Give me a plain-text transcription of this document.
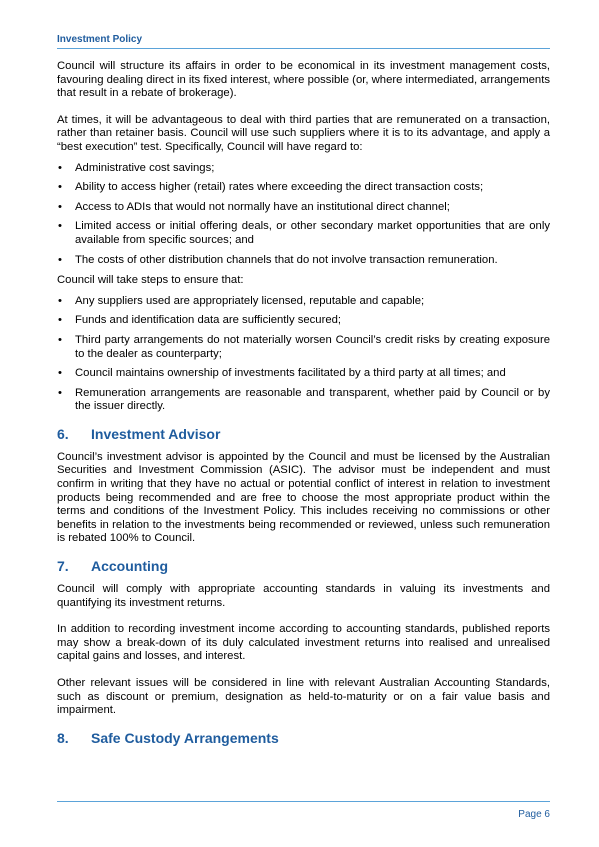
Investment Policy

Council will structure its affairs in order to be economical in its investment management costs, favouring dealing direct in its fixed interest, where possible (or, where intermediated, arrangements that result in a rebate of brokerage).

At times, it will be advantageous to deal with third parties that are remunerated on a transaction, rather than retainer basis. Council will use such suppliers where it is to its advantage, and apply a “best execution” test. Specifically, Council will have regard to:

• Administrative cost savings;
• Ability to access higher (retail) rates where exceeding the direct transaction costs;
• Access to ADIs that would not normally have an institutional direct channel;
• Limited access or initial offering deals, or other secondary market opportunities that are only available from specific sources; and
• The costs of other distribution channels that do not involve transaction remuneration.

Council will take steps to ensure that:

• Any suppliers used are appropriately licensed, reputable and capable;
• Funds and identification data are sufficiently secured;
• Third party arrangements do not materially worsen Council’s credit risks by creating exposure to the dealer as counterparty;
• Council maintains ownership of investments facilitated by a third party at all times; and
• Remuneration arrangements are reasonable and transparent, whether paid by Council or by the issuer directly.
6. Investment Advisor

Council’s investment advisor is appointed by the Council and must be licensed by the Australian Securities and Investment Commission (ASIC). The advisor must be independent and must confirm in writing that they have no actual or potential conflict of interest in relation to investment products being recommended and are free to choose the most appropriate product within the terms and conditions of the Investment Policy. This includes receiving no commissions or other benefits in relation to the investments being recommended or reviewed, unless such remuneration is rebated 100% to Council.

7. Accounting

Council will comply with appropriate accounting standards in valuing its investments and quantifying its investment returns.

In addition to recording investment income according to accounting standards, published reports may show a break-down of its duly calculated investment returns into realised and unrealised capital gains and losses, and interest.

Other relevant issues will be considered in line with relevant Australian Accounting Standards, such as discount or premium, designation as held-to-maturity or on a fair value basis and impairment.

8. Safe Custody Arrangements
Page 6
